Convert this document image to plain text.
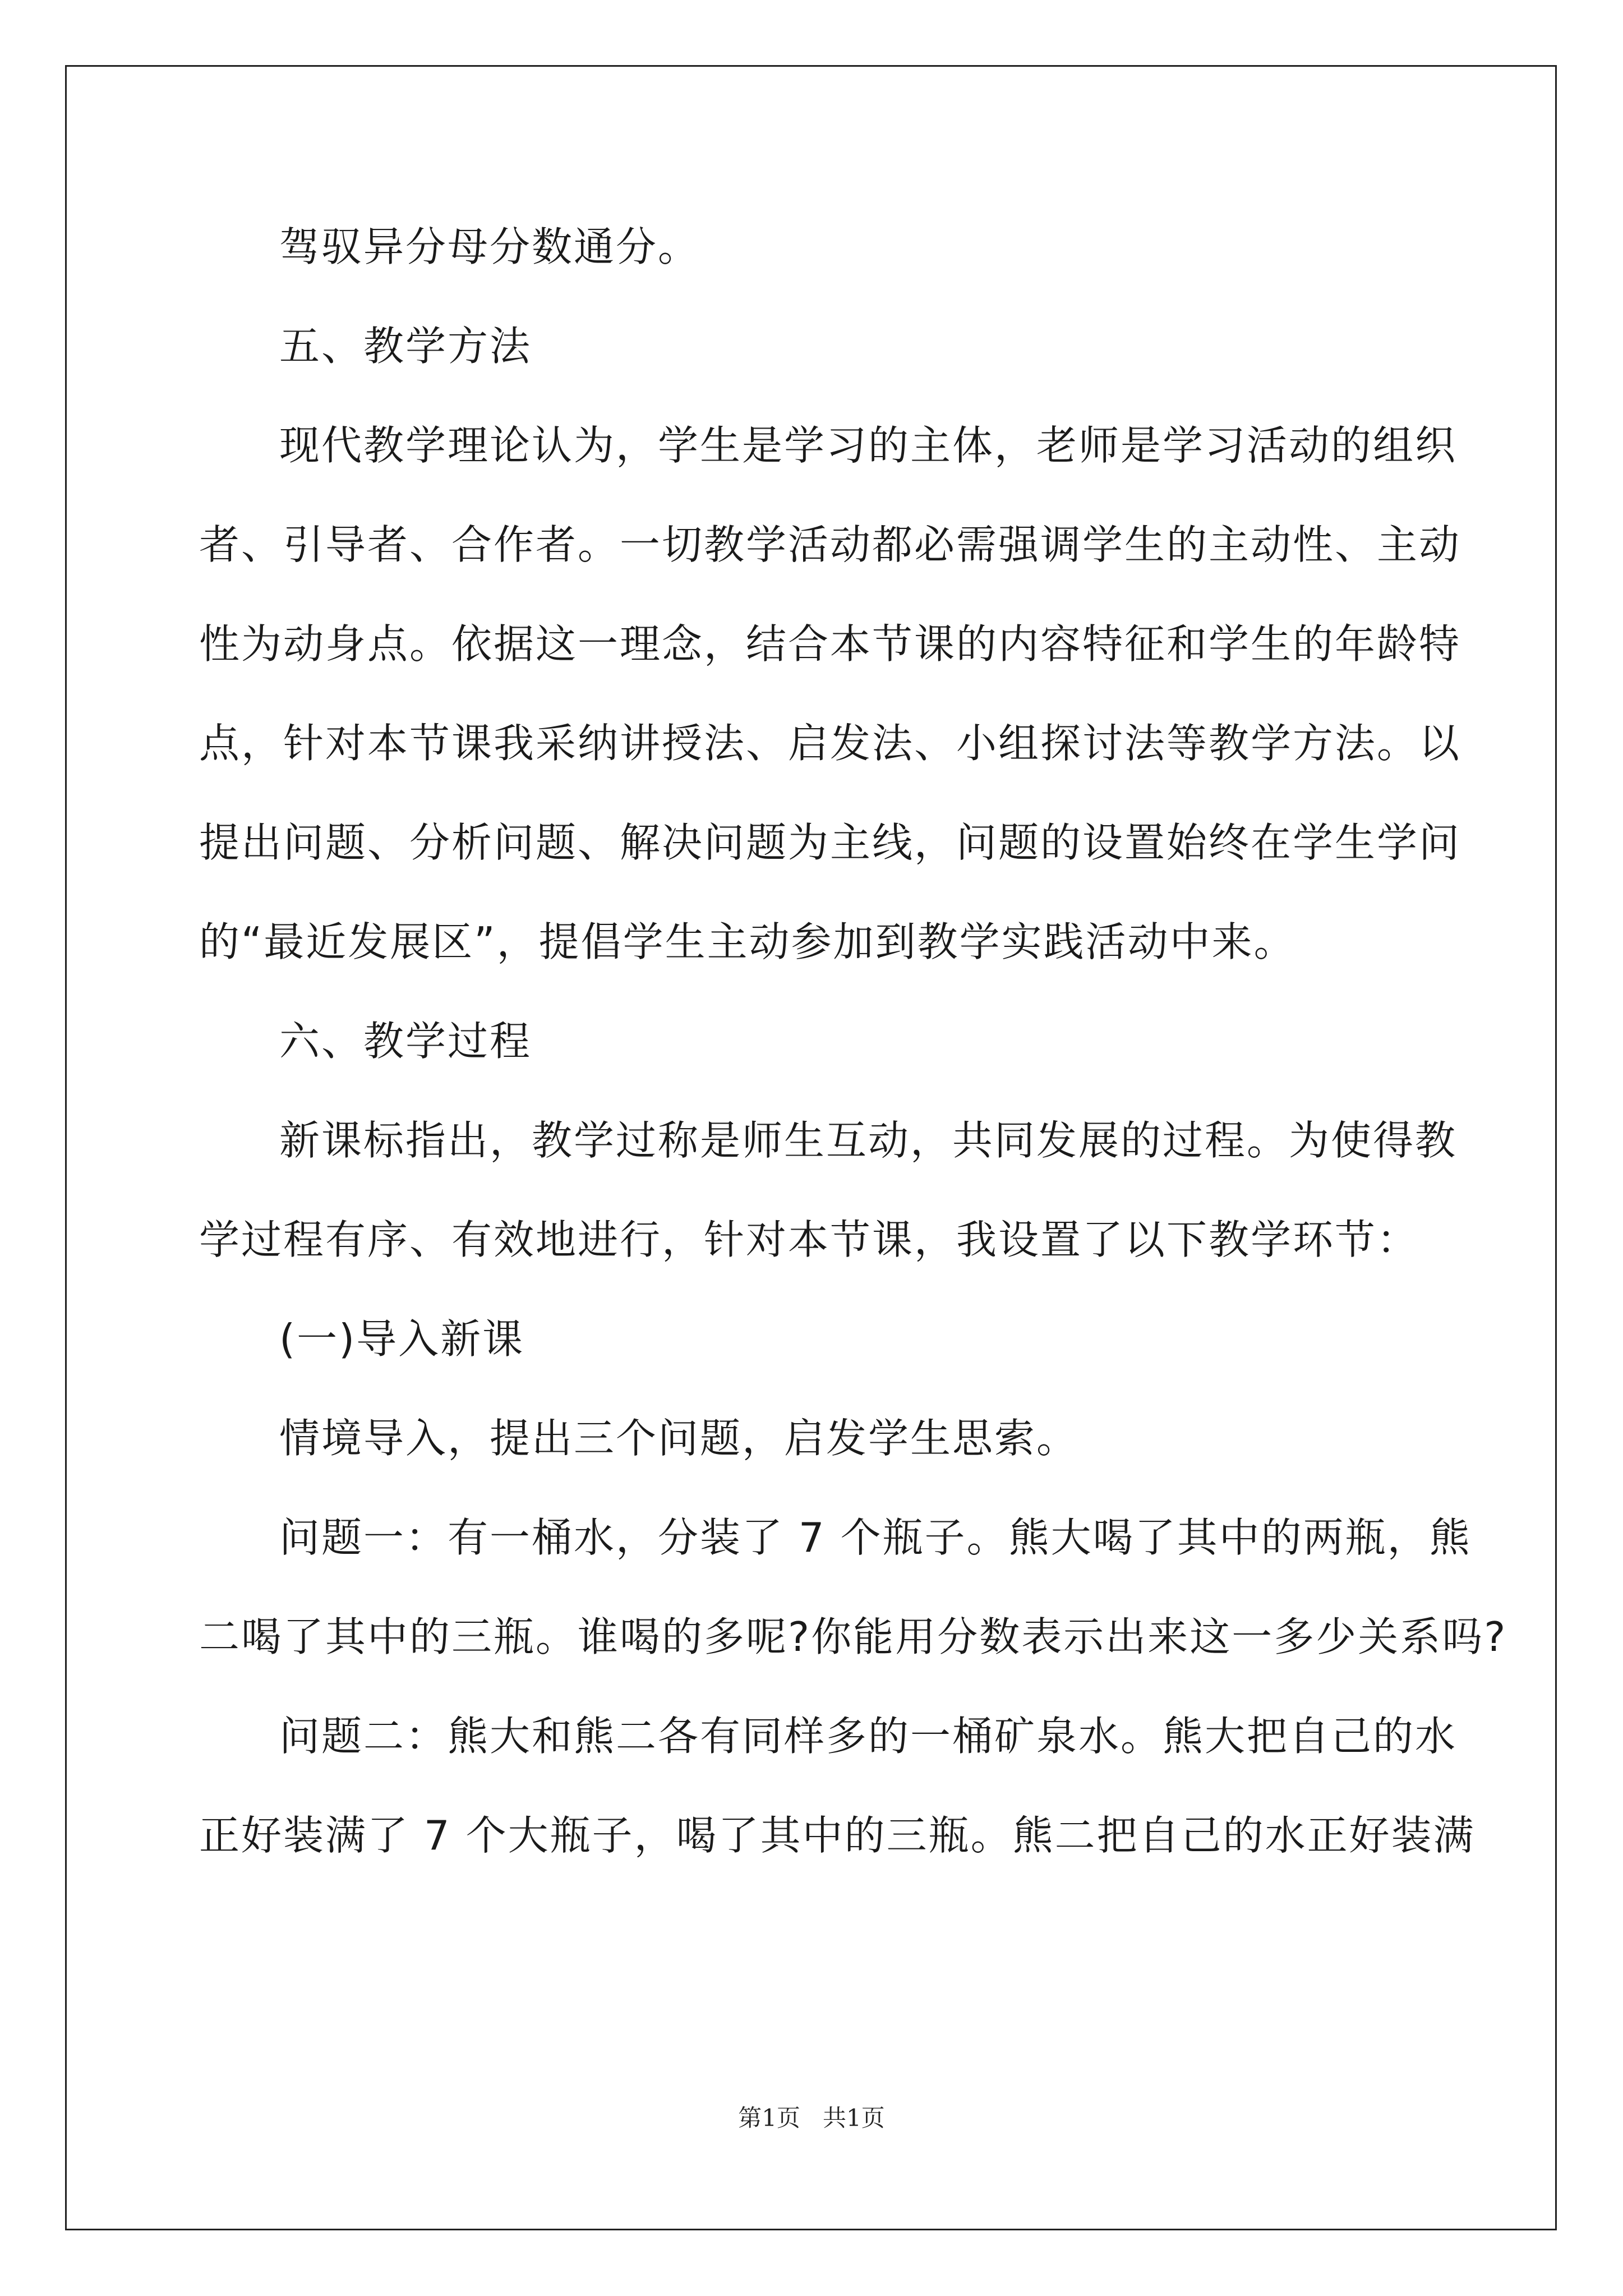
驾驭异分母分数通分。
五、教学方法
现代教学理论认为，学生是学习的主体，老师是学习活动的组织
者、引导者、合作者。一切教学活动都必需强调学生的主动性、主动
性为动身点。依据这一理念，结合本节课的内容特征和学生的年龄特
点，针对本节课我采纳讲授法、启发法、小组探讨法等教学方法。以
提出问题、分析问题、解决问题为主线，问题的设置始终在学生学问
的“最近发展区”，提倡学生主动参加到教学实践活动中来。
六、教学过程
新课标指出，教学过称是师生互动，共同发展的过程。为使得教
学过程有序、有效地进行，针对本节课，我设置了以下教学环节：
(一)导入新课
情境导入，提出三个问题，启发学生思索。
问题一：有一桶水，分装了 7 个瓶子。熊大喝了其中的两瓶，熊
二喝了其中的三瓶。谁喝的多呢?你能用分数表示出来这一多少关系吗?
问题二：熊大和熊二各有同样多的一桶矿泉水。熊大把自己的水
正好装满了 7 个大瓶子，喝了其中的三瓶。熊二把自己的水正好装满
第1页 共1页
